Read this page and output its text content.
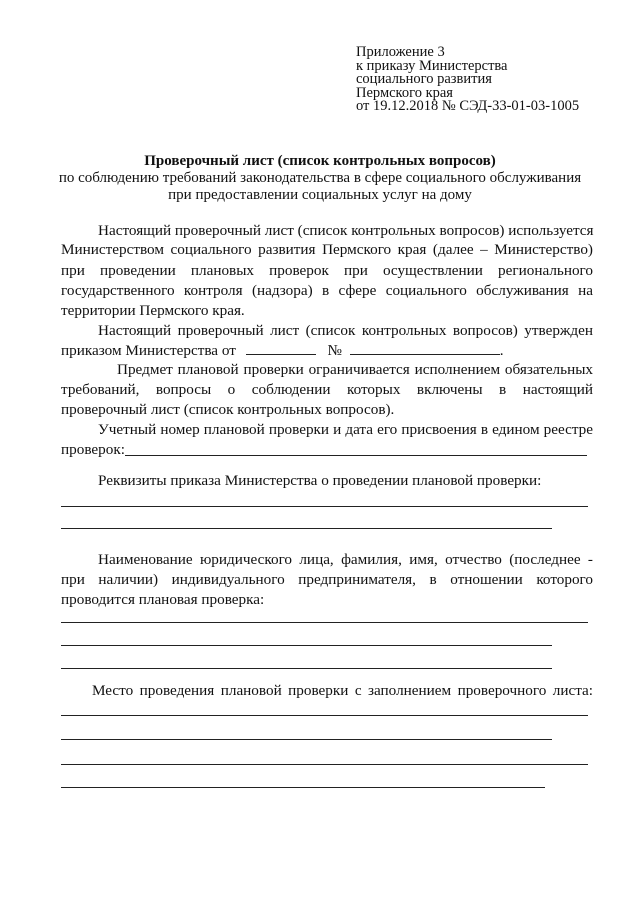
Приложение 3
к приказу Министерства
социального развития
Пермского края
от 19.12.2018 № СЭД-33-01-03-1005
Проверочный лист (список контрольных вопросов)
по соблюдению требований законодательства в сфере социального обслуживания
при предоставлении социальных услуг на дому
Настоящий проверочный лист (список контрольных вопросов) используется
Министерством социального развития Пермского края (далее – Министерство)
при проведении плановых проверок при осуществлении регионального
государственного контроля (надзора) в сфере социального обслуживания на
территории Пермского края.
Настоящий проверочный лист (список контрольных вопросов) утвержден
приказом Министерства от	№	.
Предмет плановой проверки ограничивается исполнением обязательных
требований, вопросы о соблюдении которых включены в настоящий
проверочный лист (список контрольных вопросов).
Учетный номер плановой проверки и дата его присвоения в едином реестре
проверок:
Реквизиты приказа Министерства о проведении плановой проверки:
Наименование юридического лица, фамилия, имя, отчество (последнее -
при наличии) индивидуального предпринимателя, в отношении которого
проводится плановая проверка:
Место проведения плановой проверки с заполнением проверочного листа:
